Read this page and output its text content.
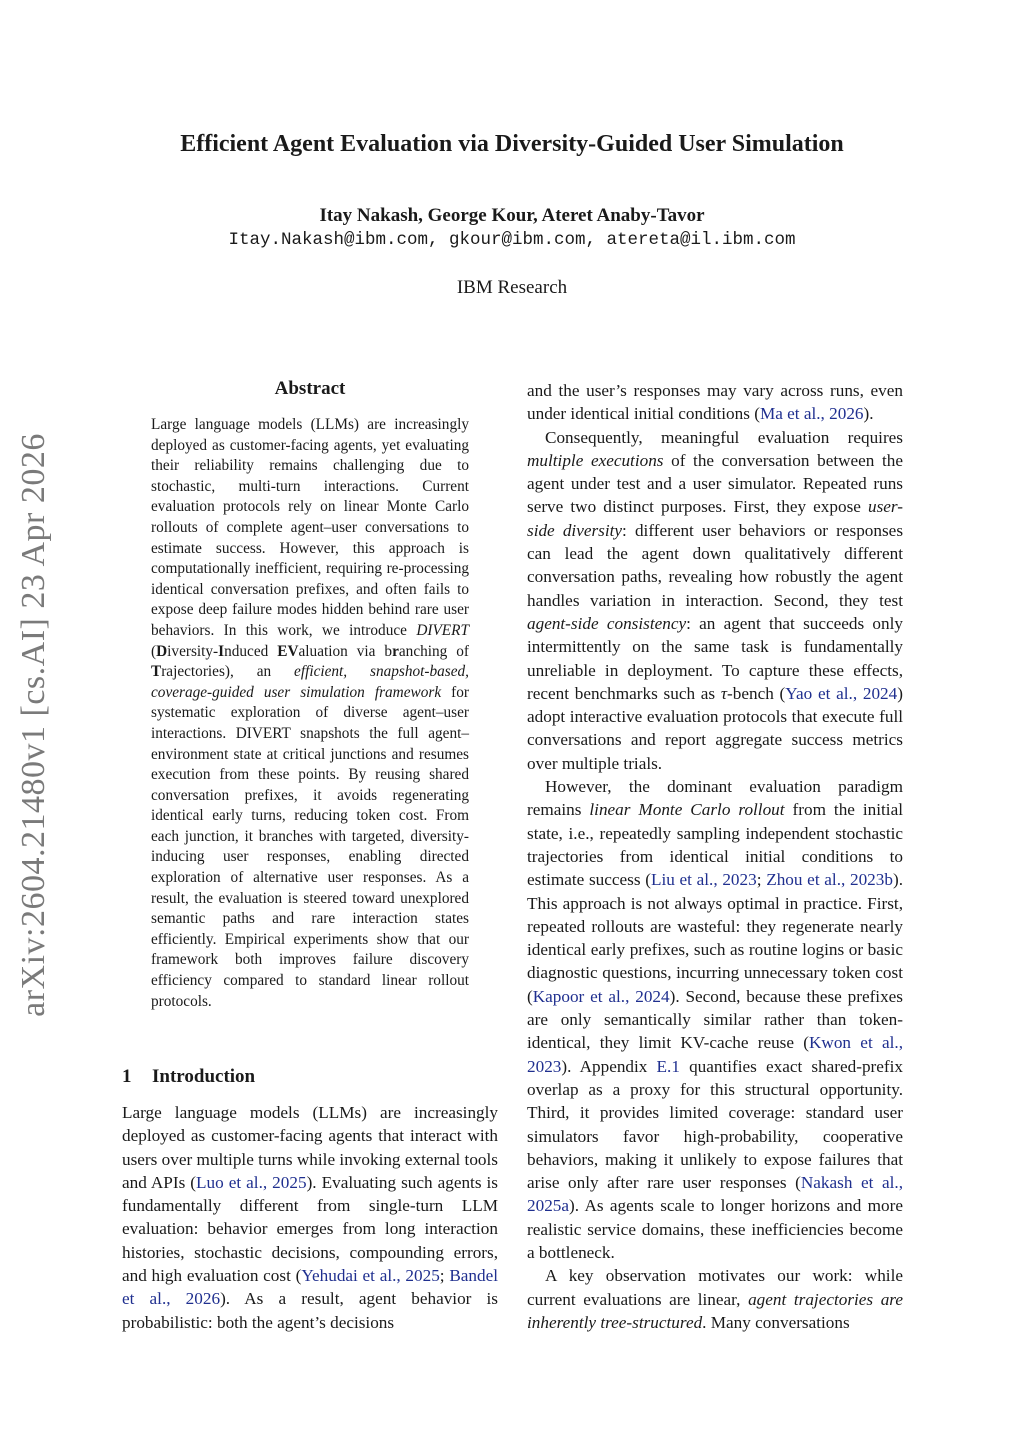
arXiv:2604.21480v1 [cs.AI] 23 Apr 2026
Efficient Agent Evaluation via Diversity-Guided User Simulation
Itay Nakash, George Kour, Ateret Anaby-Tavor
Itay.Nakash@ibm.com, gkour@ibm.com, atereta@il.ibm.com
IBM Research
Abstract

Large language models (LLMs) are increasingly deployed as customer-facing agents, yet evaluating their reliability remains challenging due to stochastic, multi-turn interactions. Current evaluation protocols rely on linear Monte Carlo rollouts of complete agent–user conversations to estimate success. However, this approach is computationally inefficient, requiring re-processing identical conversation prefixes, and often fails to expose deep failure modes hidden behind rare user behaviors. In this work, we introduce DIVERT (Diversity-Induced EValuation via branching of Trajectories), an efficient, snapshot-based, coverage-guided user simulation framework for systematic exploration of diverse agent–user interactions. DIVERT snapshots the full agent–environment state at critical junctions and resumes execution from these points. By reusing shared conversation prefixes, it avoids regenerating identical early turns, reducing token cost. From each junction, it branches with targeted, diversity-inducing user responses, enabling directed exploration of alternative user responses. As a result, the evaluation is steered toward unexplored semantic paths and rare interaction states efficiently. Empirical experiments show that our framework both improves failure discovery efficiency compared to standard linear rollout protocols.

1 Introduction

Large language models (LLMs) are increasingly deployed as customer-facing agents that interact with users over multiple turns while invoking external tools and APIs (Luo et al., 2025). Evaluating such agents is fundamentally different from single-turn LLM evaluation: behavior emerges from long interaction histories, stochastic decisions, compounding errors, and high evaluation cost (Yehudai et al., 2025; Bandel et al., 2026). As a result, agent behavior is probabilistic: both the agent’s decisions

and the user’s responses may vary across runs, even under identical initial conditions (Ma et al., 2026).

Consequently, meaningful evaluation requires multiple executions of the conversation between the agent under test and a user simulator. Repeated runs serve two distinct purposes. First, they expose user-side diversity: different user behaviors or responses can lead the agent down qualitatively different conversation paths, revealing how robustly the agent handles variation in interaction. Second, they test agent-side consistency: an agent that succeeds only intermittently on the same task is fundamentally unreliable in deployment. To capture these effects, recent benchmarks such as τ-bench (Yao et al., 2024) adopt interactive evaluation protocols that execute full conversations and report aggregate success metrics over multiple trials.

However, the dominant evaluation paradigm remains linear Monte Carlo rollout from the initial state, i.e., repeatedly sampling independent stochastic trajectories from identical initial conditions to estimate success (Liu et al., 2023; Zhou et al., 2023b). This approach is not always optimal in practice. First, repeated rollouts are wasteful: they regenerate nearly identical early prefixes, such as routine logins or basic diagnostic questions, incurring unnecessary token cost (Kapoor et al., 2024). Second, because these prefixes are only semantically similar rather than token-identical, they limit KV-cache reuse (Kwon et al., 2023). Appendix E.1 quantifies exact shared-prefix overlap as a proxy for this structural opportunity. Third, it provides limited coverage: standard user simulators favor high-probability, cooperative behaviors, making it unlikely to expose failures that arise only after rare user responses (Nakash et al., 2025a). As agents scale to longer horizons and more realistic service domains, these inefficiencies become a bottleneck.

A key observation motivates our work: while current evaluations are linear, agent trajectories are inherently tree-structured. Many conversations
